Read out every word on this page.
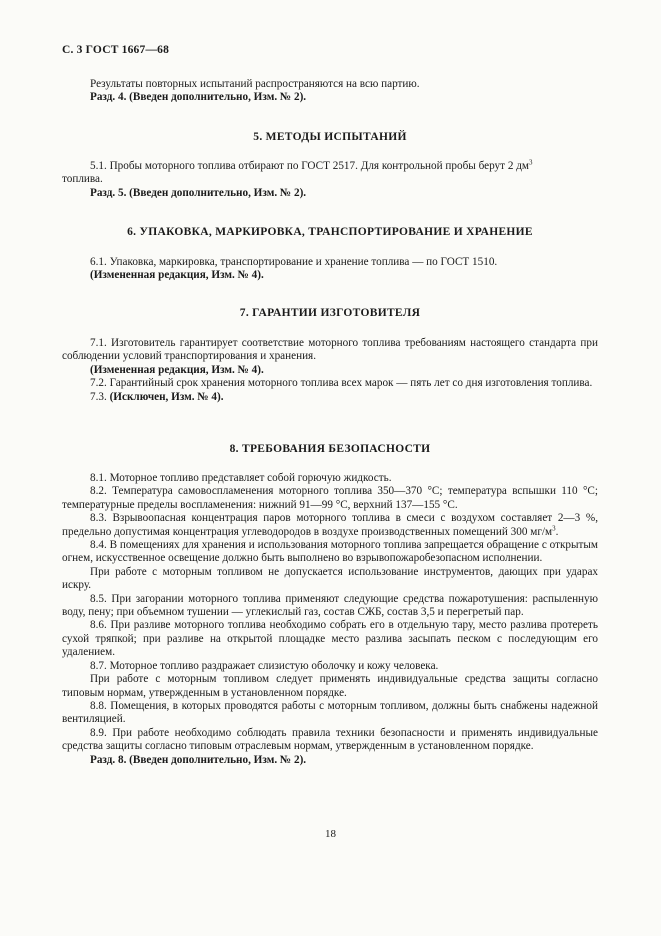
С. 3 ГОСТ 1667—68

Результаты повторных испытаний распространяются на всю партию.

Разд. 4. (Введен дополнительно, Изм. № 2).

5. МЕТОДЫ ИСПЫТАНИЙ

5.1. Пробы моторного топлива отбирают по ГОСТ 2517. Для контрольной пробы берут 2 $дм^3$

топлива.

Разд. 5. (Введен дополнительно, Изм. № 2).

6. УПАКОВКА, МАРКИРОВКА, ТРАНСПОРТИРОВАНИЕ И ХРАНЕНИЕ

6.1. Упаковка, маркировка, транспортирование и хранение топлива — по ГОСТ 1510.

(Измененная редакция, Изм. № 4).

7. ГАРАНТИИ ИЗГОТОВИТЕЛЯ

7.1. Изготовитель гарантирует соответствие моторного топлива требованиям настоящего стандарта при соблюдении условий транспортирования и хранения.

(Измененная редакция, Изм. № 4).

7.2. Гарантийный срок хранения моторного топлива всех марок — пять лет со дня изготовления топлива.

7.3. (Исключен, Изм. № 4).

8. ТРЕБОВАНИЯ БЕЗОПАСНОСТИ

8.1. Моторное топливо представляет собой горючую жидкость.

8.2. Температура самовоспламенения моторного топлива 350—370 °С; температура вспышки 110 °С; температурные пределы воспламенения: нижний 91—99 °С, верхний 137—155 °С.

8.3. Взрывоопасная концентрация паров моторного топлива в смеси с воздухом составляет 2—3 %, предельно допустимая концентрация углеводородов в воздухе производственных помещений 300 $мг/м^3$.

8.4. В помещениях для хранения и использования моторного топлива запрещается обращение с открытым огнем, искусственное освещение должно быть выполнено во взрывопожаробезопасном исполнении.

При работе с моторным топливом не допускается использование инструментов, дающих при ударах искру.

8.5. При загорании моторного топлива применяют следующие средства пожаротушения: распыленную воду, пену; при объемном тушении — углекислый газ, состав СЖБ, состав 3,5 и перегретый пар.

8.6. При разливе моторного топлива необходимо собрать его в отдельную тару, место разлива протереть сухой тряпкой; при разливе на открытой площадке место разлива засыпать песком с последующим его удалением.

8.7. Моторное топливо раздражает слизистую оболочку и кожу человека.

При работе с моторным топливом следует применять индивидуальные средства защиты согласно типовым нормам, утвержденным в установленном порядке.

8.8. Помещения, в которых проводятся работы с моторным топливом, должны быть снабжены надежной вентиляцией.

8.9. При работе необходимо соблюдать правила техники безопасности и применять индивидуальные средства защиты согласно типовым отраслевым нормам, утвержденным в установленном порядке.

Разд. 8. (Введен дополнительно, Изм. № 2).

18
